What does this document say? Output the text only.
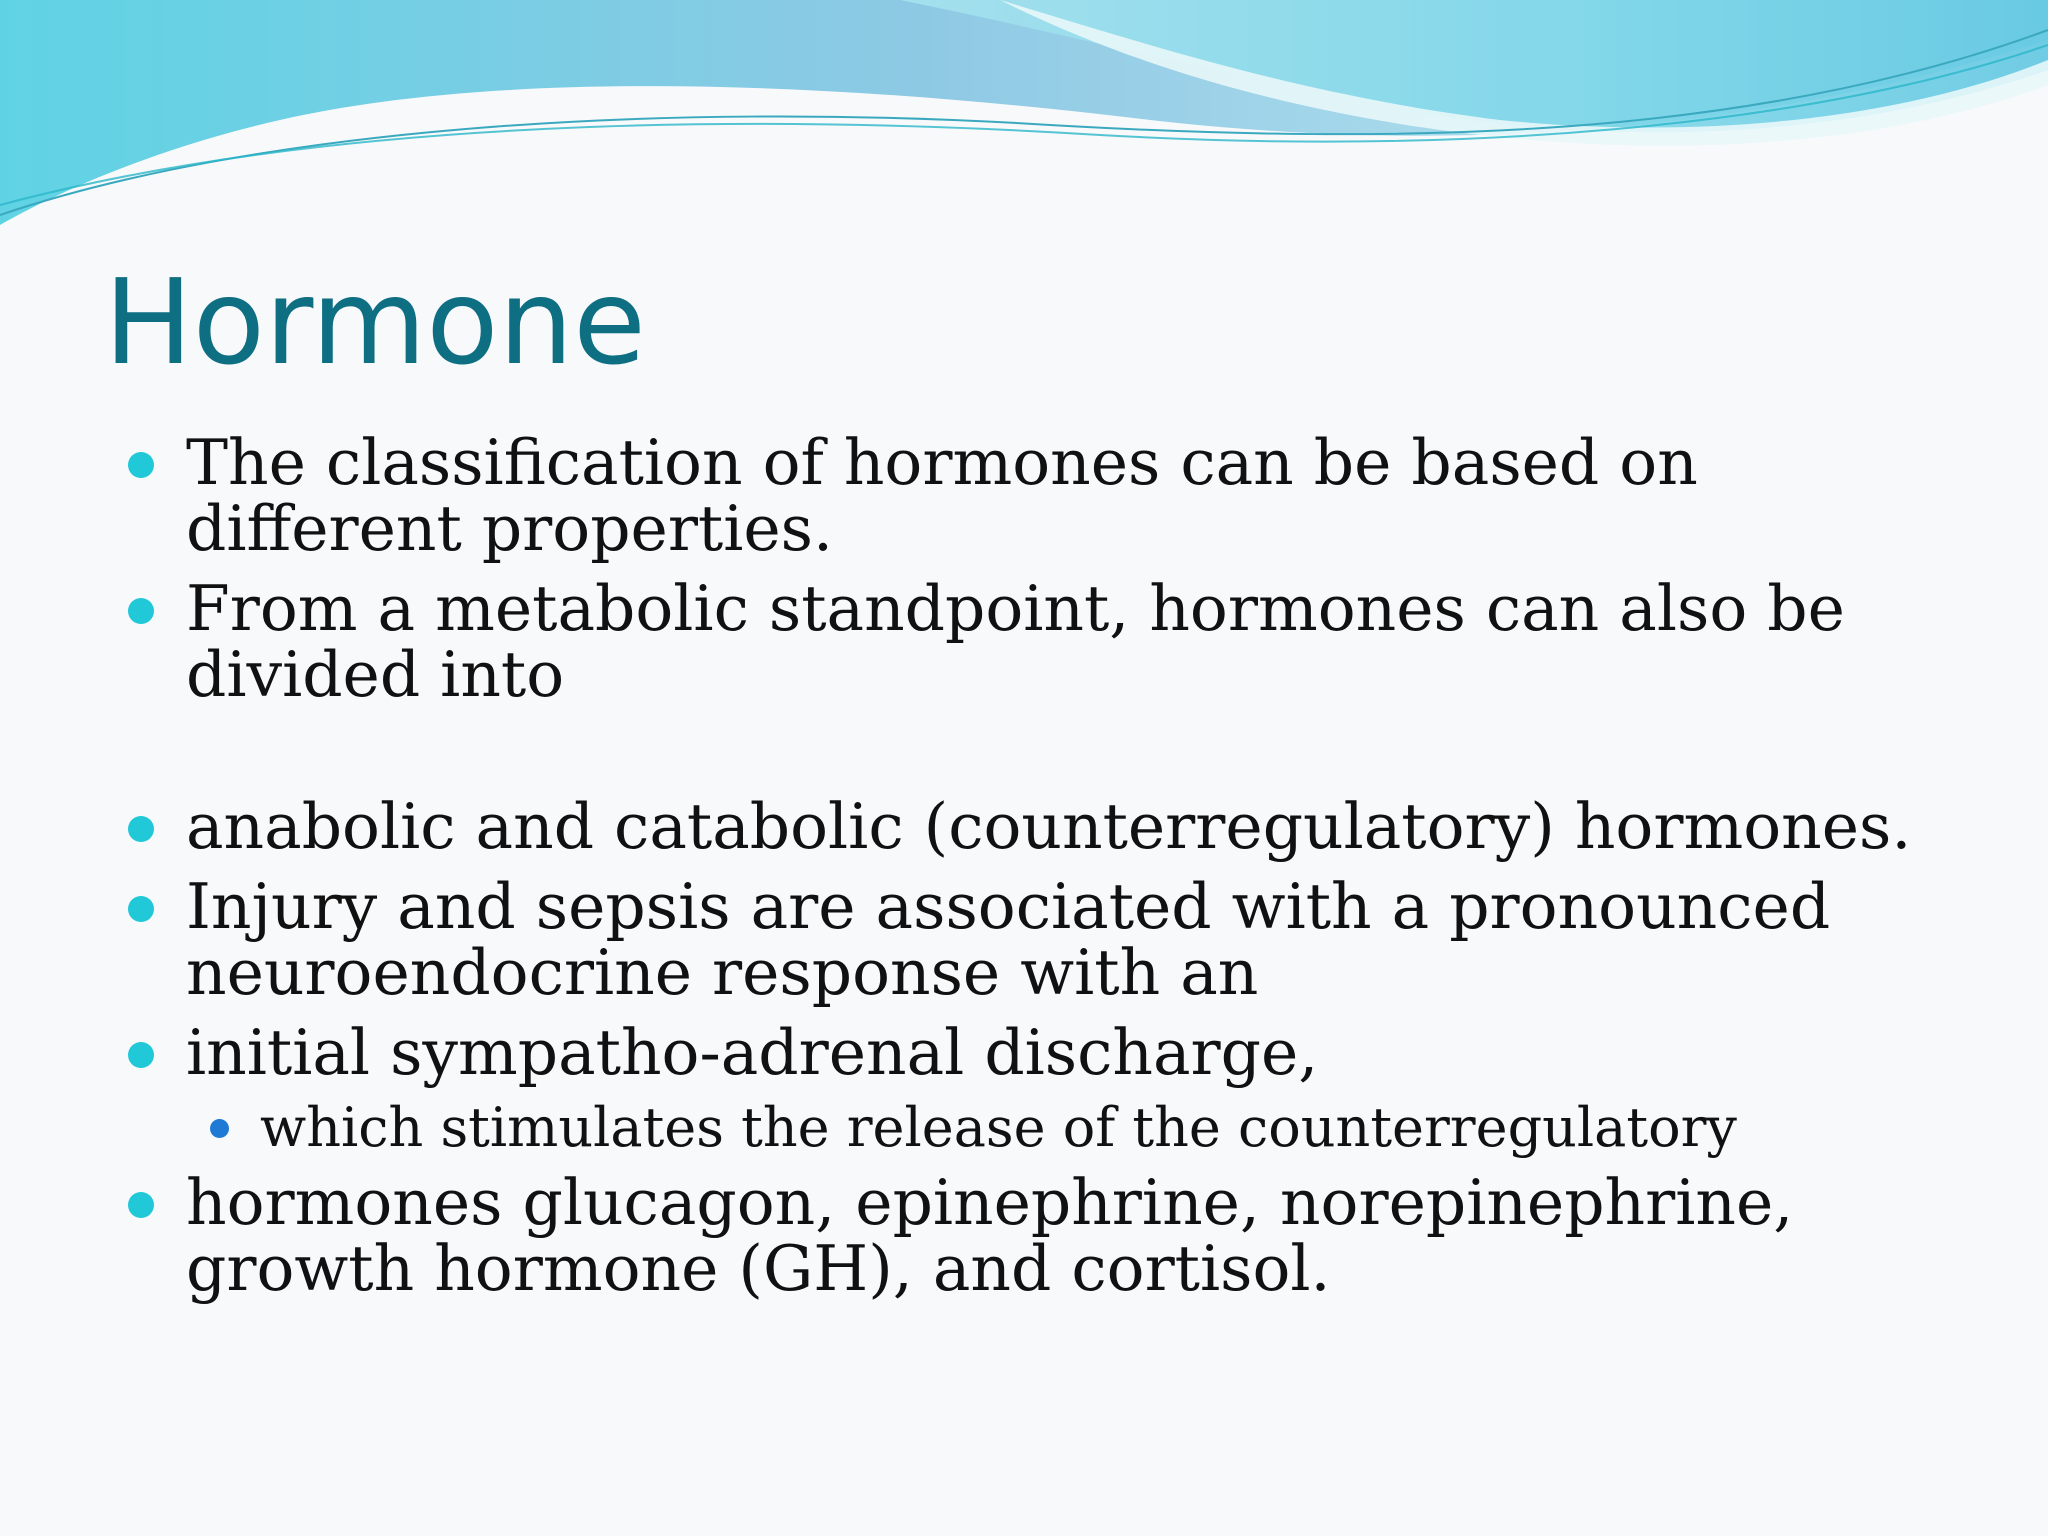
Hormone
The classification of hormones can be based on different properties.
From a metabolic standpoint, hormones can also be divided into
anabolic and catabolic (counterregulatory) hormones.
Injury and sepsis are associated with a pronounced neuroendocrine response with an
initial sympatho-adrenal discharge,
which stimulates the release of the counterregulatory
hormones glucagon, epinephrine, norepinephrine, growth hormone (GH), and cortisol.
